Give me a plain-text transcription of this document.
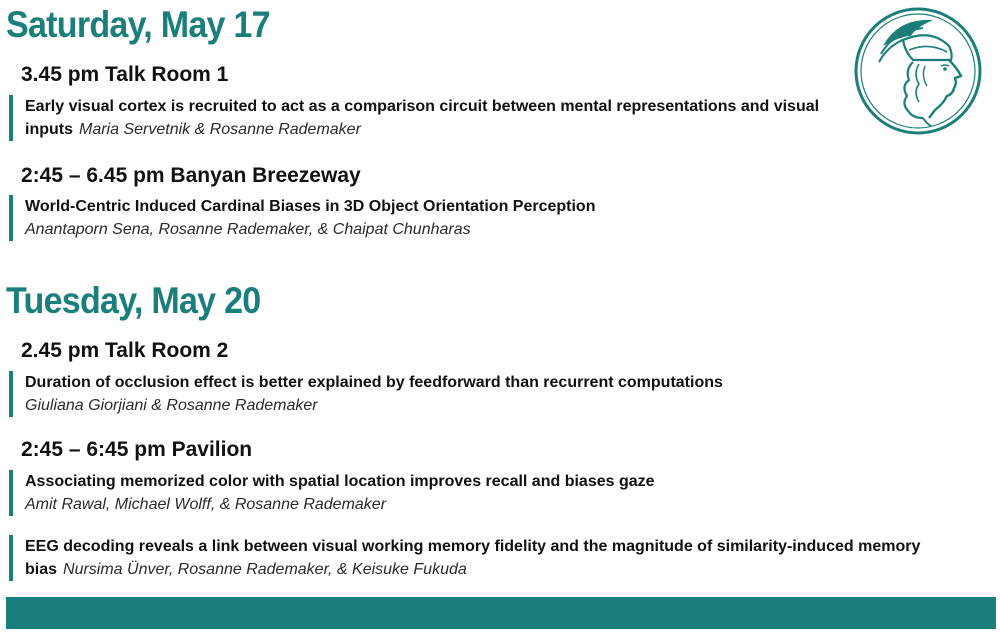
Saturday, May 17
3.45 pm Talk Room 1
Early visual cortex is recruited to act as a comparison circuit between mental representations and visual inputs Maria Servetnik & Rosanne Rademaker
2:45 – 6.45 pm Banyan Breezeway
World-Centric Induced Cardinal Biases in 3D Object Orientation Perception
Anantaporn Sena, Rosanne Rademaker, & Chaipat Chunharas
Tuesday, May 20
2.45 pm Talk Room 2
Duration of occlusion effect is better explained by feedforward than recurrent computations
Giuliana Giorjiani & Rosanne Rademaker
2:45 – 6:45 pm Pavilion
Associating memorized color with spatial location improves recall and biases gaze
Amit Rawal, Michael Wolff, & Rosanne Rademaker
EEG decoding reveals a link between visual working memory fidelity and the magnitude of similarity-induced memory bias Nursima Ünver, Rosanne Rademaker, & Keisuke Fukuda
